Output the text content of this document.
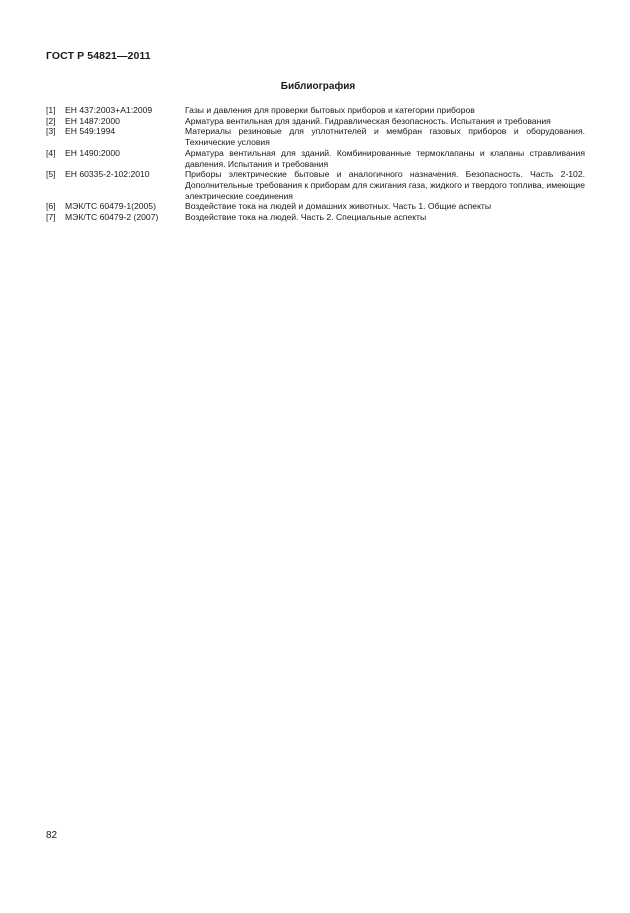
ГОСТ Р 54821—2011
Библиография
[1]	ЕН 437:2003+А1:2009	Газы и давления для проверки бытовых приборов и категории приборов
[2]	ЕН 1487:2000	Арматура вентильная для зданий. Гидравлическая безопасность. Испытания и требования
[3]	ЕН 549:1994	Материалы резиновые для уплотнителей и мембран газовых приборов и оборудования. Технические условия
[4]	ЕН 1490:2000	Арматура вентильная для зданий. Комбинированные термоклапаны и клапаны стравливания давления. Испытания и требования
[5]	ЕН 60335-2-102:2010	Приборы электрические бытовые и аналогичного назначения. Безопасность. Часть 2-102. Дополнительные требования к приборам для сжигания газа, жидкого и твердого топлива, имеющие электрические соединения
[6]	МЭК/ТС 60479-1(2005)	Воздействие тока на людей и домашних животных. Часть 1. Общие аспекты
[7]	МЭК/ТС 60479-2 (2007)	Воздействие тока на людей. Часть 2. Специальные аспекты
82
